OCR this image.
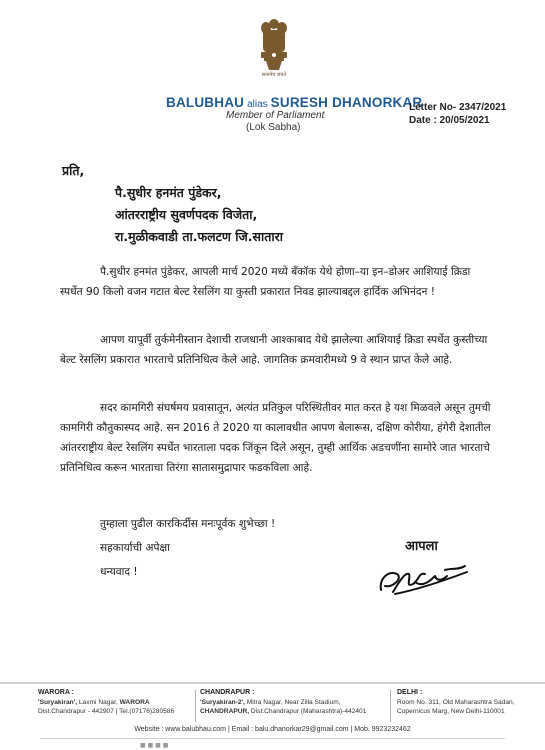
सत्यमेव जयते
BALUBHAU alias SURESH DHANORKAR
Member of Parliament
(Lok Sabha)
Letter No- 2347/2021
Date : 20/05/2021
प्रति,
पै.सुधीर हनमंत पुंडेकर,
आंतरराष्ट्रीय सुवर्णपदक विजेता,
रा.मुळीकवाडी ता.फलटण जि.सातारा
पै.सुधीर हनमंत पुंडेकर, आपली मार्च 2020 मध्ये बॅंकॉक येथे होणा–या इन–डोअर आशियाई क्रिडा स्पर्धेत 90 किलो वजन गटात बेल्ट रेसलिंग या कुस्ती प्रकारात निवड झाल्याबद्दल हार्दिक अभिनंदन !
आपण यापूर्वी तुर्कमेनीस्तान देशाची राजधानी आश्काबाद येथे झालेल्या आशियाई क्रिडा स्पर्धेत कुस्तीच्या बेल्ट रेसलिंग प्रकारात भारताचे प्रतिनिधित्व केले आहे. जागतिक क्रमवारीमध्ये 9 वे स्थान प्राप्त केले आहे.
सदर कामगिरी संघर्षमय प्रवासातून, अत्यंत प्रतिकुल परिस्थितीवर मात करत हे यश मिळवले असून तुमची कामगिरी कौतुकास्पद आहे. सन 2016 ते 2020 या कालावधीत आपण बेलारूस, दक्षिण कोरीया, हंगेरी देशातील आंतरराष्ट्रीय बेल्ट रेसलिंग स्पर्धेत भारताला पदक जिंकून दिले असून, तुम्ही आर्थिक अडचणींना सामोरे जात भारताचे प्रतिनिधित्व करून भारताचा तिरंगा सातासमुद्रापार फडकविला आहे.
तुम्हाला पुढील कारकिर्दीस मनःपूर्वक शुभेच्छा !
सहकार्याची अपेक्षा
धन्यवाद !
आपला
WARORA :
'Suryakiran', Laxmi Nagar, WARORA
Dist.Chandrapur - 442907 | Tel.(07176)280586
CHANDRAPUR :
'Suryakiran-2', Mitra Nagar, Near Zilla Stadium,
CHANDRAPUR, Dist.Chandrapur (Maharashtra)-442401
DELHI :
Room No. 311, Old Maharashtra Sadan,
Copernicus Marg, New Delhi-110001
Website : www.balubhau.com | Email : balu.dhanorkar29@gmail.com | Mob. 9923232462
■ ■ ■ ■
